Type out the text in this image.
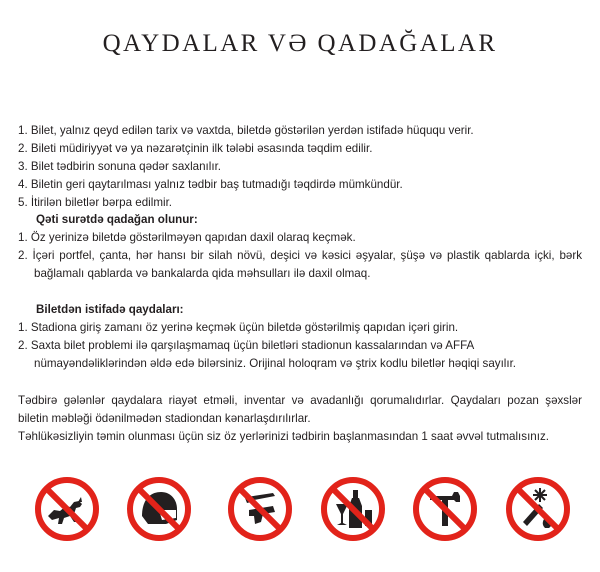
QAYDALAR VƏ QADAĞALAR
1. Bilet, yalnız qeyd edilən tarix və vaxtda, biletdə göstərilən yerdən istifadə hüququ verir.
2. Bileti müdiriyyət və ya nəzarətçinin ilk tələbi əsasında təqdim edilir.
3. Bilet tədbirin sonuna qədər saxlanılır.
4. Biletin geri qaytarılması yalnız tədbir baş tutmadığı təqdirdə mümkündür.
5. İtirilən biletlər bərpa edilmir.
Qəti surətdə qadağan olunur:
1. Öz yerinizə biletdə göstərilməyən qapıdan daxil olaraq keçmək.
2. İçəri portfel, çanta, hər hansı bir silah növü, deşici və kəsici əşyalar, şüşə və plastik qablarda içki, bərk
bağlamalı qablarda və bankalarda qida məhsulları ilə daxil olmaq.
Biletdən istifadə qaydaları:
1. Stadiona giriş zamanı öz yerinə keçmək üçün biletdə göstərilmiş qapıdan içəri girin.
2. Saxta bilet problemi ilə qarşılaşmamaq üçün biletləri stadionun kassalarından və AFFA
nümayəndəliklərindən əldə edə bilərsiniz. Orijinal holoqram və ştrix kodlu biletlər həqiqi sayılır.
Tədbirə gələnlər qaydalara riayət etməli, inventar və avadanlığı qorumalıdırlar. Qaydaları pozan şəxslər
biletin məbləği ödənilmədən stadiondan kənarlaşdırılırlar.
Təhlükəsizliyin təmin olunması üçün siz öz yerlərinizi tədbirin başlanmasından 1 saat əvvəl tutmalısınız.
